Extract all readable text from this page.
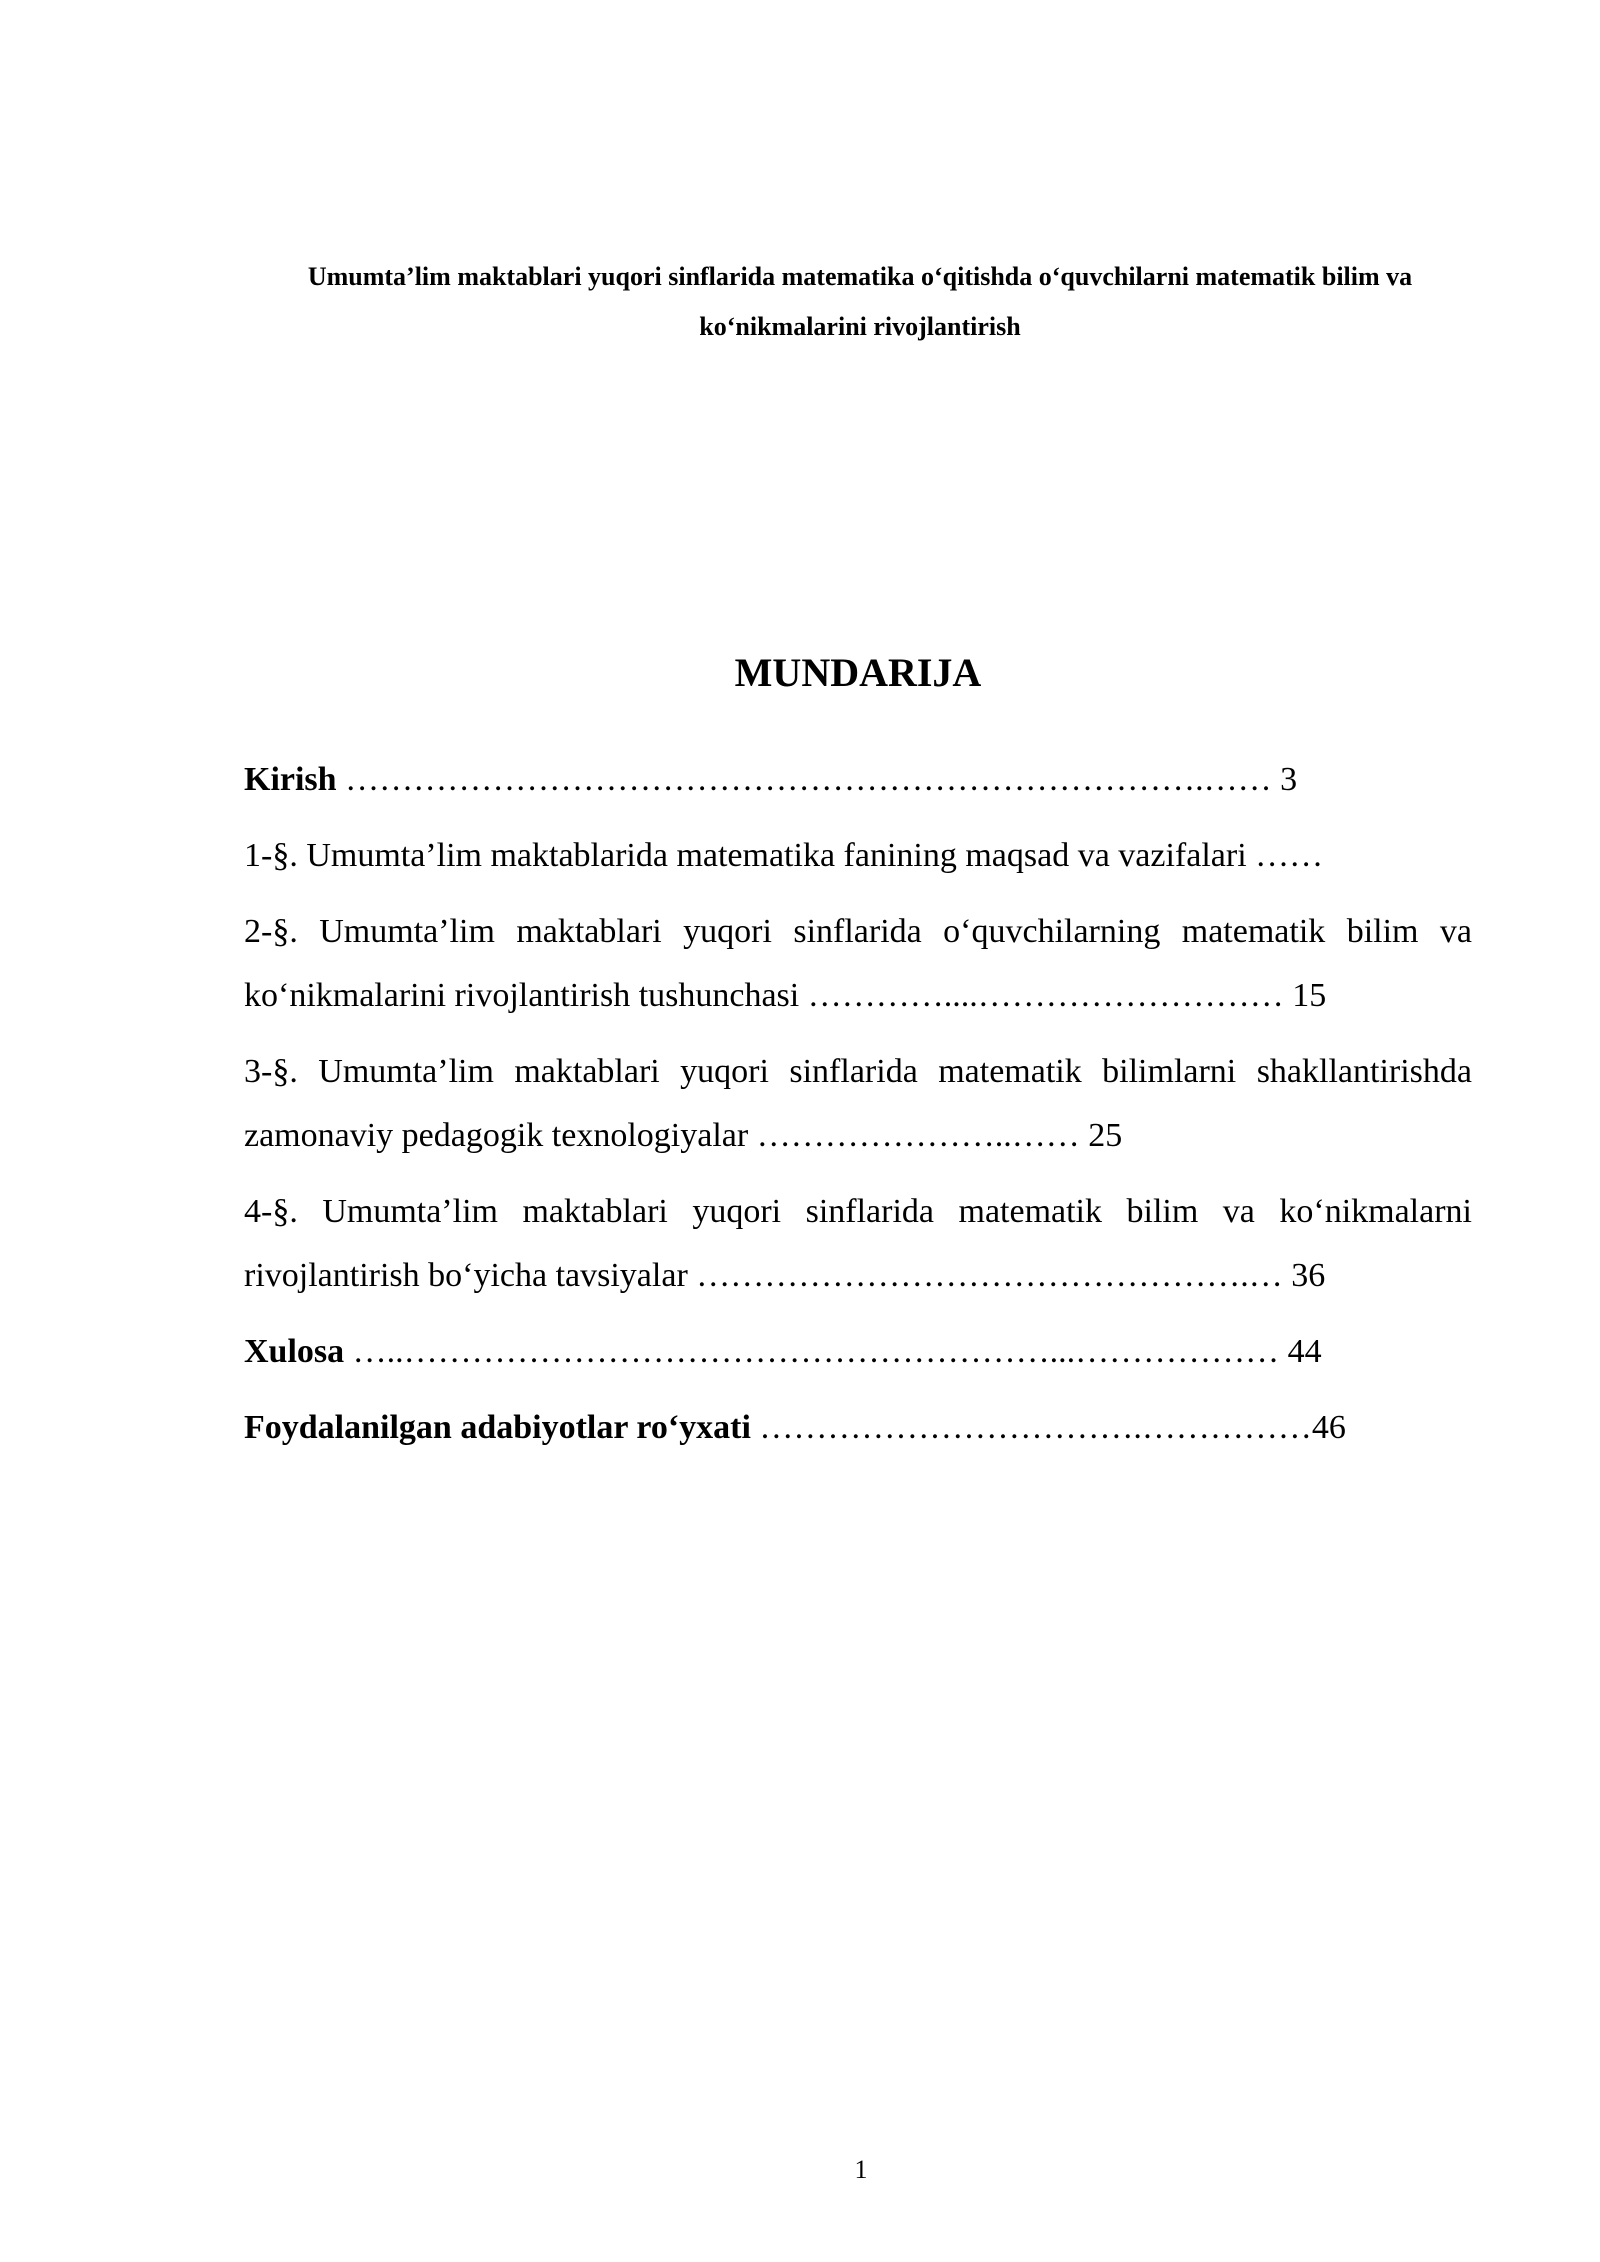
Umumta’lim maktablari yuqori sinflarida matematika o‘qitishda o‘quvchilarni matematik bilim va ko‘nikmalarini rivojlantirish
MUNDARIJA
Kirish ………………………………………………………………….…… 3
1-§. Umumta’lim maktablarida matematika fanining maqsad va vazifalari ……
2-§. Umumta’lim maktablari yuqori sinflarida o‘quvchilarning matematik bilim va ko‘nikmalarini rivojlantirish tushunchasi …………....……………………… 15
3-§. Umumta’lim maktablari yuqori sinflarida matematik bilimlarni shakllantirishda zamonaviy pedagogik texnologiyalar …………………..…… 25
4-§. Umumta’lim maktablari yuqori sinflarida matematik bilim va ko‘nikmalarni rivojlantirish bo‘yicha tavsiyalar ………………………………………….… 36
Xulosa …..…………………………………………………...……………… 44
Foydalanilgan adabiyotlar ro‘yxati …………………………….……………46
1
